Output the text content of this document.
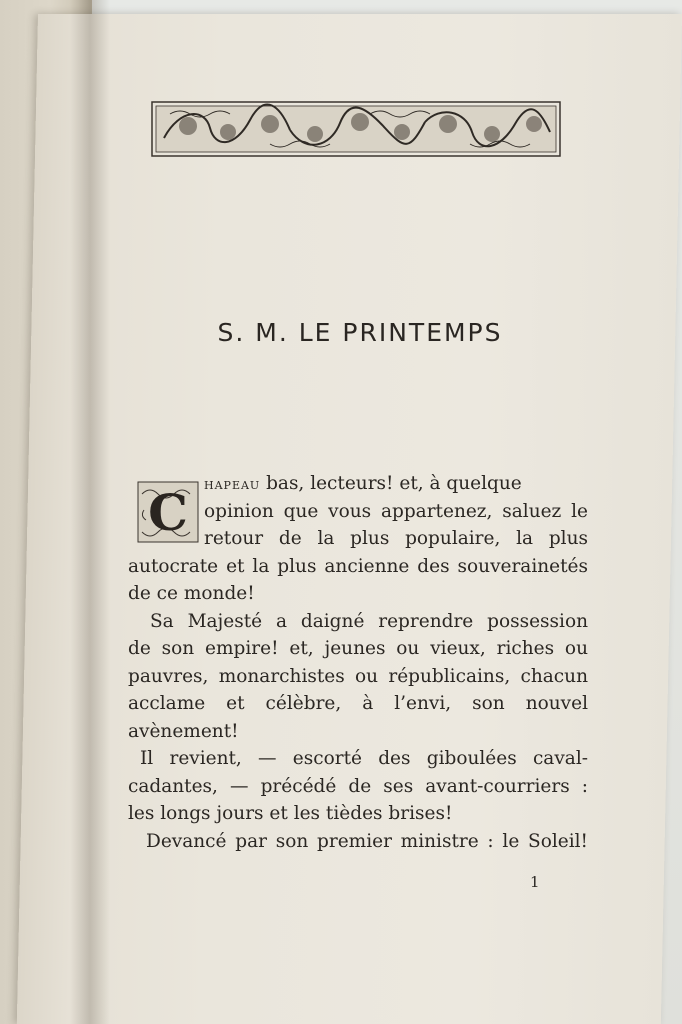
S. M. LE PRINTEMPS
C	hapeau bas, lecteurs! et, à quelque
opinion que vous appartenez, saluez le
retour de la plus populaire, la plus
autocrate et la plus ancienne des souverainetés
de ce monde!
Sa Majesté a daigné reprendre possession
de son empire! et, jeunes ou vieux, riches ou
pauvres, monarchistes ou républicains, chacun
acclame et célèbre, à l’envi, son nouvel
avènement!
Il revient, — escorté des giboulées caval-
cadantes, — précédé de ses avant-courriers :
les longs jours et les tièdes brises!
Devancé par son premier ministre : le Soleil!
1
